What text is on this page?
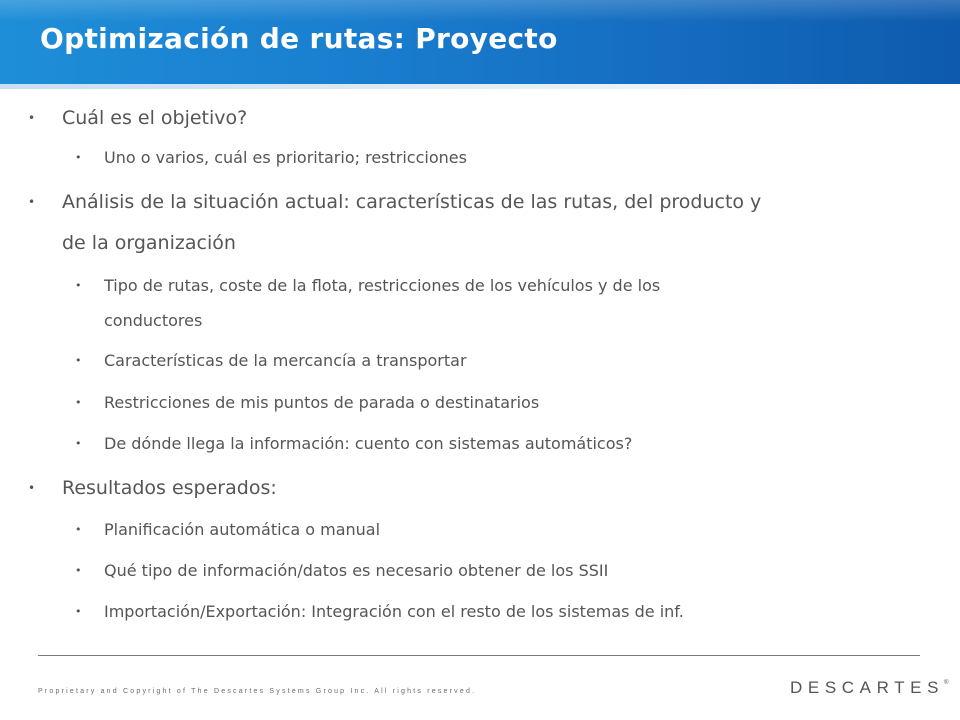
Optimización de rutas: Proyecto
• Cuál es el objetivo?
• Uno o varios, cuál es prioritario; restricciones
• Análisis de la situación actual: características de las rutas, del producto y
de la organización
• Tipo de rutas, coste de la flota, restricciones de los vehículos y de los
conductores
• Características de la mercancía a transportar
• Restricciones de mis puntos de parada o destinatarios
• De dónde llega la información: cuento con sistemas automáticos?
• Resultados esperados:
• Planificación automática o manual
• Qué tipo de información/datos es necesario obtener de los SSII
• Importación/Exportación: Integración con el resto de los sistemas de inf.
Proprietary and Copyright of The Descartes Systems Group Inc. All rights reserved.	DESCARTES®
